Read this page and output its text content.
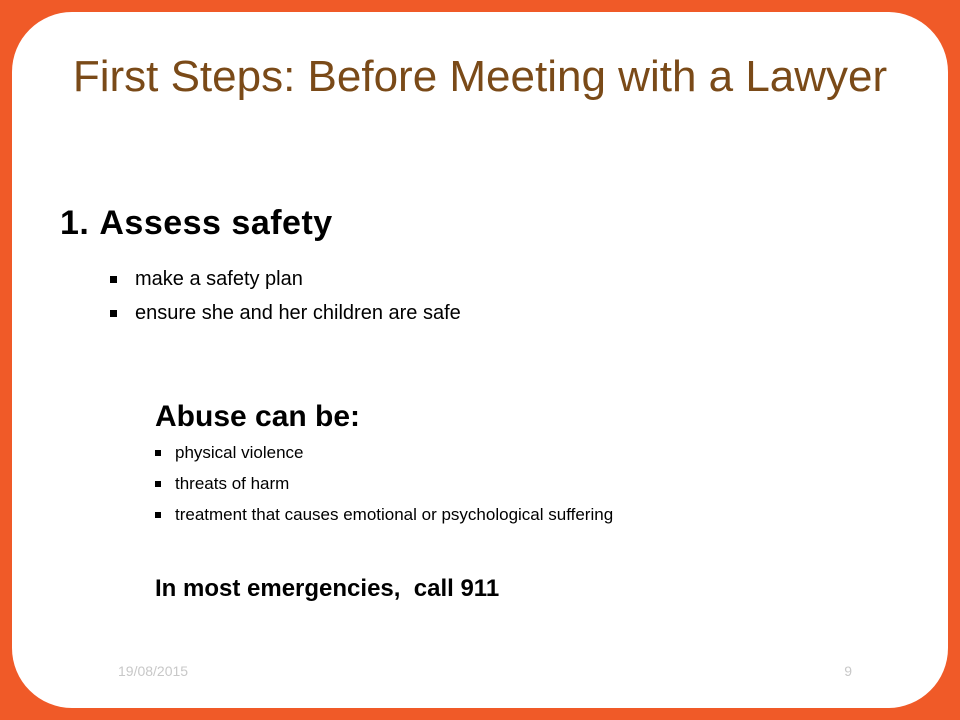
First Steps: Before Meeting with a Lawyer
1. Assess safety
make a safety plan
ensure she and her children are safe
Abuse can be:
physical violence
threats of harm
treatment that causes emotional or psychological suffering
In most emergencies,  call 911
19/08/2015	9
